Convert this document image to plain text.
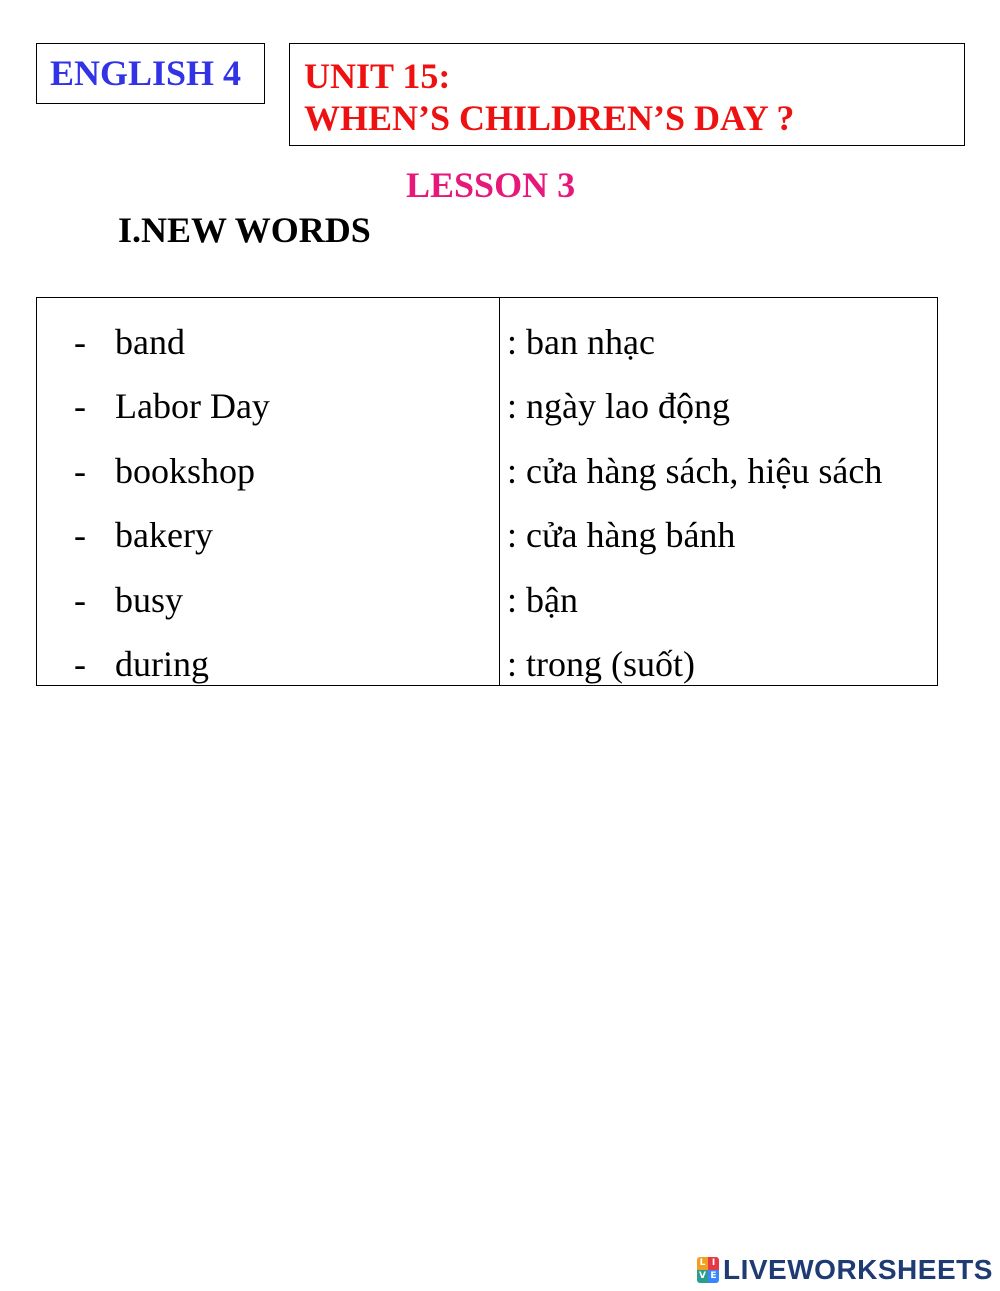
ENGLISH 4 UNIT 15:
WHEN’S CHILDREN’S DAY ?
LESSON 3
I.NEW WORDS
- band	: ban nhạc
- Labor Day	: ngày lao động
- bookshop	: cửa hàng sách, hiệu sách
- bakery	: cửa hàng bánh
- busy	: bận
- during	: trong (suốt)
L I
V E LIVEWORKSHEETS
